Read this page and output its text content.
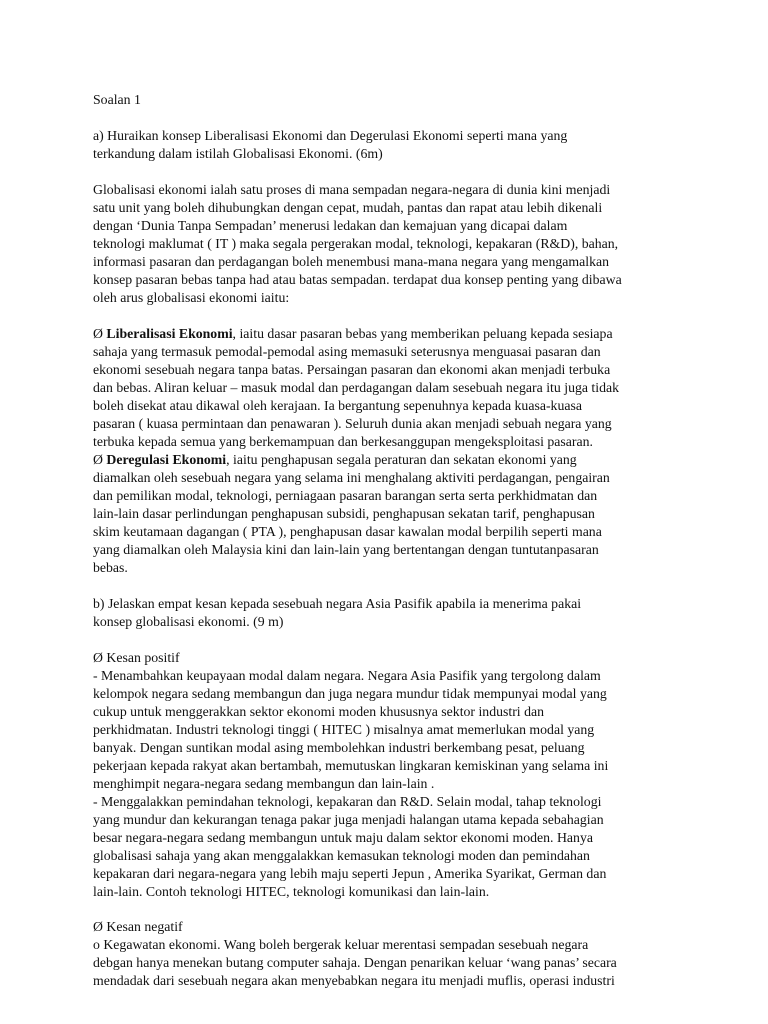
Soalan 1

a) Huraikan konsep Liberalisasi Ekonomi dan Degerulasi Ekonomi seperti mana yang
terkandung dalam istilah Globalisasi Ekonomi. (6m)

Globalisasi ekonomi ialah satu proses di mana sempadan negara-negara di dunia kini menjadi
satu unit yang boleh dihubungkan dengan cepat, mudah, pantas dan rapat atau lebih dikenali
dengan ‘Dunia Tanpa Sempadan’ menerusi ledakan dan kemajuan yang dicapai dalam
teknologi maklumat ( IT ) maka segala pergerakan modal, teknologi, kepakaran (R&D), bahan,
informasi pasaran dan perdagangan boleh menembusi mana-mana negara yang mengamalkan
konsep pasaran bebas tanpa had atau batas sempadan. terdapat dua konsep penting yang dibawa
oleh arus globalisasi ekonomi iaitu:

Ø Liberalisasi Ekonomi, iaitu dasar pasaran bebas yang memberikan peluang kepada sesiapa
sahaja yang termasuk pemodal-pemodal asing memasuki seterusnya menguasai pasaran dan
ekonomi sesebuah negara tanpa batas. Persaingan pasaran dan ekonomi akan menjadi terbuka
dan bebas. Aliran keluar – masuk modal dan perdagangan dalam sesebuah negara itu juga tidak
boleh disekat atau dikawal oleh kerajaan. Ia bergantung sepenuhnya kepada kuasa-kuasa
pasaran ( kuasa permintaan dan penawaran ). Seluruh dunia akan menjadi sebuah negara yang
terbuka kepada semua yang berkemampuan dan berkesanggupan mengeksploitasi pasaran.

Ø Deregulasi Ekonomi, iaitu penghapusan segala peraturan dan sekatan ekonomi yang
diamalkan oleh sesebuah negara yang selama ini menghalang aktiviti perdagangan, pengairan
dan pemilikan modal, teknologi, perniagaan pasaran barangan serta serta perkhidmatan dan
lain-lain dasar perlindungan penghapusan subsidi, penghapusan sekatan tarif, penghapusan
skim keutamaan dagangan ( PTA ), penghapusan dasar kawalan modal berpilih seperti mana
yang diamalkan oleh Malaysia kini dan lain-lain yang bertentangan dengan tuntutanpasaran
bebas.

b) Jelaskan empat kesan kepada sesebuah negara Asia Pasifik apabila ia menerima pakai
konsep globalisasi ekonomi. (9 m)

Ø Kesan positif
- Menambahkan keupayaan modal dalam negara. Negara Asia Pasifik yang tergolong dalam
kelompok negara sedang membangun dan juga negara mundur tidak mempunyai modal yang
cukup untuk menggerakkan sektor ekonomi moden khususnya sektor industri dan
perkhidmatan. Industri teknologi tinggi ( HITEC ) misalnya amat memerlukan modal yang
banyak. Dengan suntikan modal asing membolehkan industri berkembang pesat, peluang
pekerjaan kepada rakyat akan bertambah, memutuskan lingkaran kemiskinan yang selama ini
menghimpit negara-negara sedang membangun dan lain-lain .
- Menggalakkan pemindahan teknologi, kepakaran dan R&D. Selain modal, tahap teknologi
yang mundur dan kekurangan tenaga pakar juga menjadi halangan utama kepada sebahagian
besar negara-negara sedang membangun untuk maju dalam sektor ekonomi moden. Hanya
globalisasi sahaja yang akan menggalakkan kemasukan teknologi moden dan pemindahan
kepakaran dari negara-negara yang lebih maju seperti Jepun , Amerika Syarikat, German dan
lain-lain. Contoh teknologi HITEC, teknologi komunikasi dan lain-lain.

Ø Kesan negatif
o Kegawatan ekonomi. Wang boleh bergerak keluar merentasi sempadan sesebuah negara
debgan hanya menekan butang computer sahaja. Dengan penarikan keluar ‘wang panas’ secara
mendadak dari sesebuah negara akan menyebabkan negara itu menjadi muflis, operasi industri
